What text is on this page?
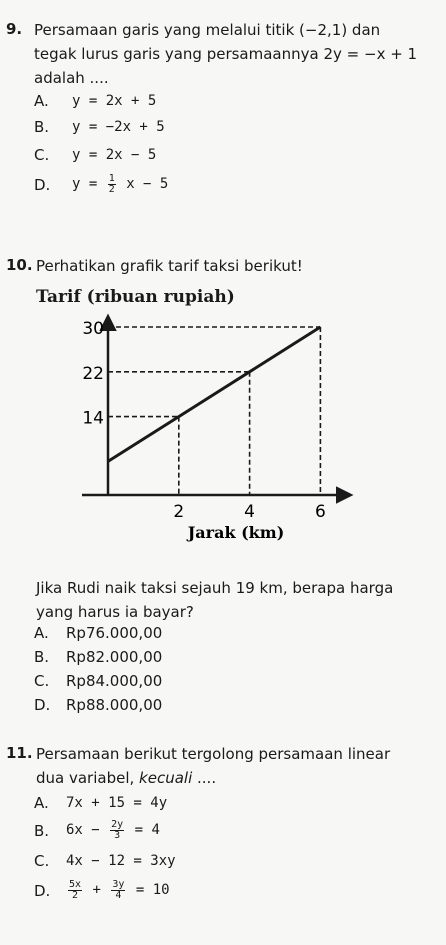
9. Persamaan garis yang melalui titik (−2,1) dan
tegak lurus garis yang persamaannya 2y = −x + 1
adalah ....
A. y = 2x + 5
B. y = −2x + 5
C. y = 2x − 5
D. $y = \frac{1}{2}$ x − 5
10. Perhatikan grafik tarif taksi berikut!
Tarif (ribuan rupiah)
14
22
30
2	4	6
Jarak (km)
Jika Rudi naik taksi sejauh 19 km, berapa harga
yang harus ia bayar?
A. Rp76.000,00
B. Rp82.000,00
C. Rp84.000,00
D. Rp88.000,00
11. Persamaan berikut tergolong persamaan linear
dua variabel, kecuali ....
A. 7x + 15 = 4y
B. $6x - \frac{2y}{3} = 4$
C. 4x − 12 = 3xy
D. $\frac{5x}{2} + \frac{3y}{4} = 10$
